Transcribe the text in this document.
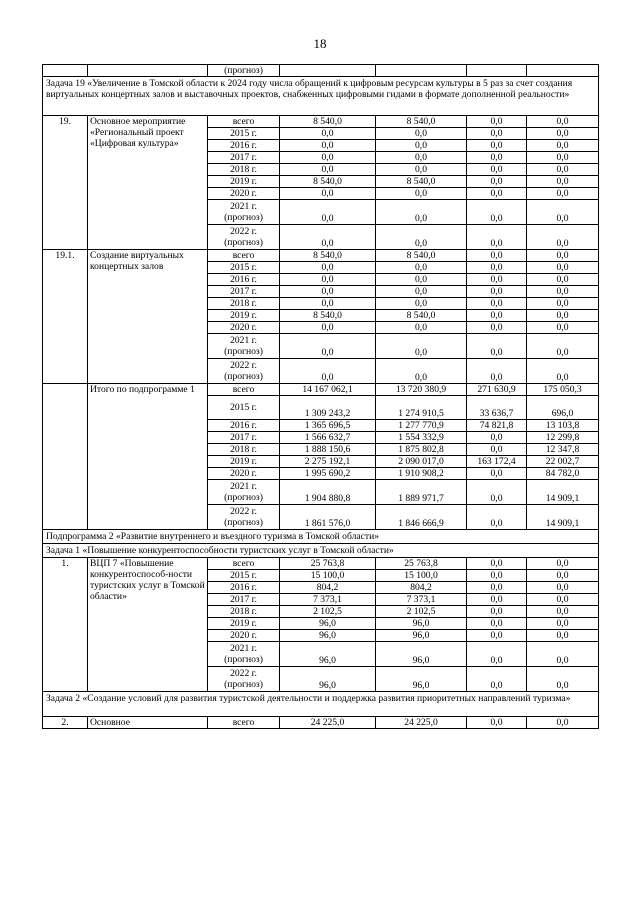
18
		(прогноз)				
Задача 19 «Увеличение в Томской области к 2024 году числа обращений к цифровым ресурсам культуры в 5 раз за счет создания виртуальных концертных залов и выставочных проектов, снабженных цифровыми гидами в формате дополненной реальности»						
19.	Основное мероприятие «Региональный проект «Цифровая культура»	всего	8 540,0	8 540,0	0,0	0,0
		2015 г.	0,0	0,0	0,0	0,0
		2016 г.	0,0	0,0	0,0	0,0
		2017 г.	0,0	0,0	0,0	0,0
		2018 г.	0,0	0,0	0,0	0,0
		2019 г.	8 540,0	8 540,0	0,0	0,0
		2020 г.	0,0	0,0	0,0	0,0
		2021 г. (прогноз)	0,0	0,0	0,0	0,0
		2022 г. (прогноз)	0,0	0,0	0,0	0,0
19.1.	Создание виртуальных концертных залов	всего	8 540,0	8 540,0	0,0	0,0
		2015 г.	0,0	0,0	0,0	0,0
		2016 г.	0,0	0,0	0,0	0,0
		2017 г.	0,0	0,0	0,0	0,0
		2018 г.	0,0	0,0	0,0	0,0
		2019 г.	8 540,0	8 540,0	0,0	0,0
		2020 г.	0,0	0,0	0,0	0,0
		2021 г. (прогноз)	0,0	0,0	0,0	0,0
		2022 г. (прогноз)	0,0	0,0	0,0	0,0
	Итого по подпрограмме 1	всего	14 167 062,1	13 720 380,9	271 630,9	175 050,3
		2015 г.	1 309 243,2	1 274 910,5	33 636,7	696,0
		2016 г.	1 365 696,5	1 277 770,9	74 821,8	13 103,8
		2017 г.	1 566 632,7	1 554 332,9	0,0	12 299,8
		2018 г.	1 888 150,6	1 875 802,8	0,0	12 347,8
		2019 г.	2 275 192,1	2 090 017,0	163 172,4	22 002,7
		2020 г.	1 995 690,2	1 910 908,2	0,0	84 782,0
		2021 г. (прогноз)	1 904 880,8	1 889 971,7	0,0	14 909,1
		2022 г. (прогноз)	1 861 576,0	1 846 666,9	0,0	14 909,1
Подпрограмма 2 «Развитие внутреннего и въездного туризма в Томской области»						
Задача 1 «Повышение конкурентоспособности туристских услуг в Томской области»						
1.	ВЦП 7 «Повышение конкурентоспособ-ности туристских услуг в Томской области»	всего	25 763,8	25 763,8	0,0	0,0
		2015 г.	15 100,0	15 100,0	0,0	0,0
		2016 г.	804,2	804,2	0,0	0,0
		2017 г.	7 373,1	7 373,1	0,0	0,0
		2018 г.	2 102,5	2 102,5	0,0	0,0
		2019 г.	96,0	96,0	0,0	0,0
		2020 г.	96,0	96,0	0,0	0,0
		2021 г. (прогноз)	96,0	96,0	0,0	0,0
		2022 г. (прогноз)	96,0	96,0	0,0	0,0
Задача 2 «Создание условий для развития туристской деятельности и поддержка развития приоритетных направлений туризма»						
2.	Основное	всего	24 225,0	24 225,0	0,0	0,0
